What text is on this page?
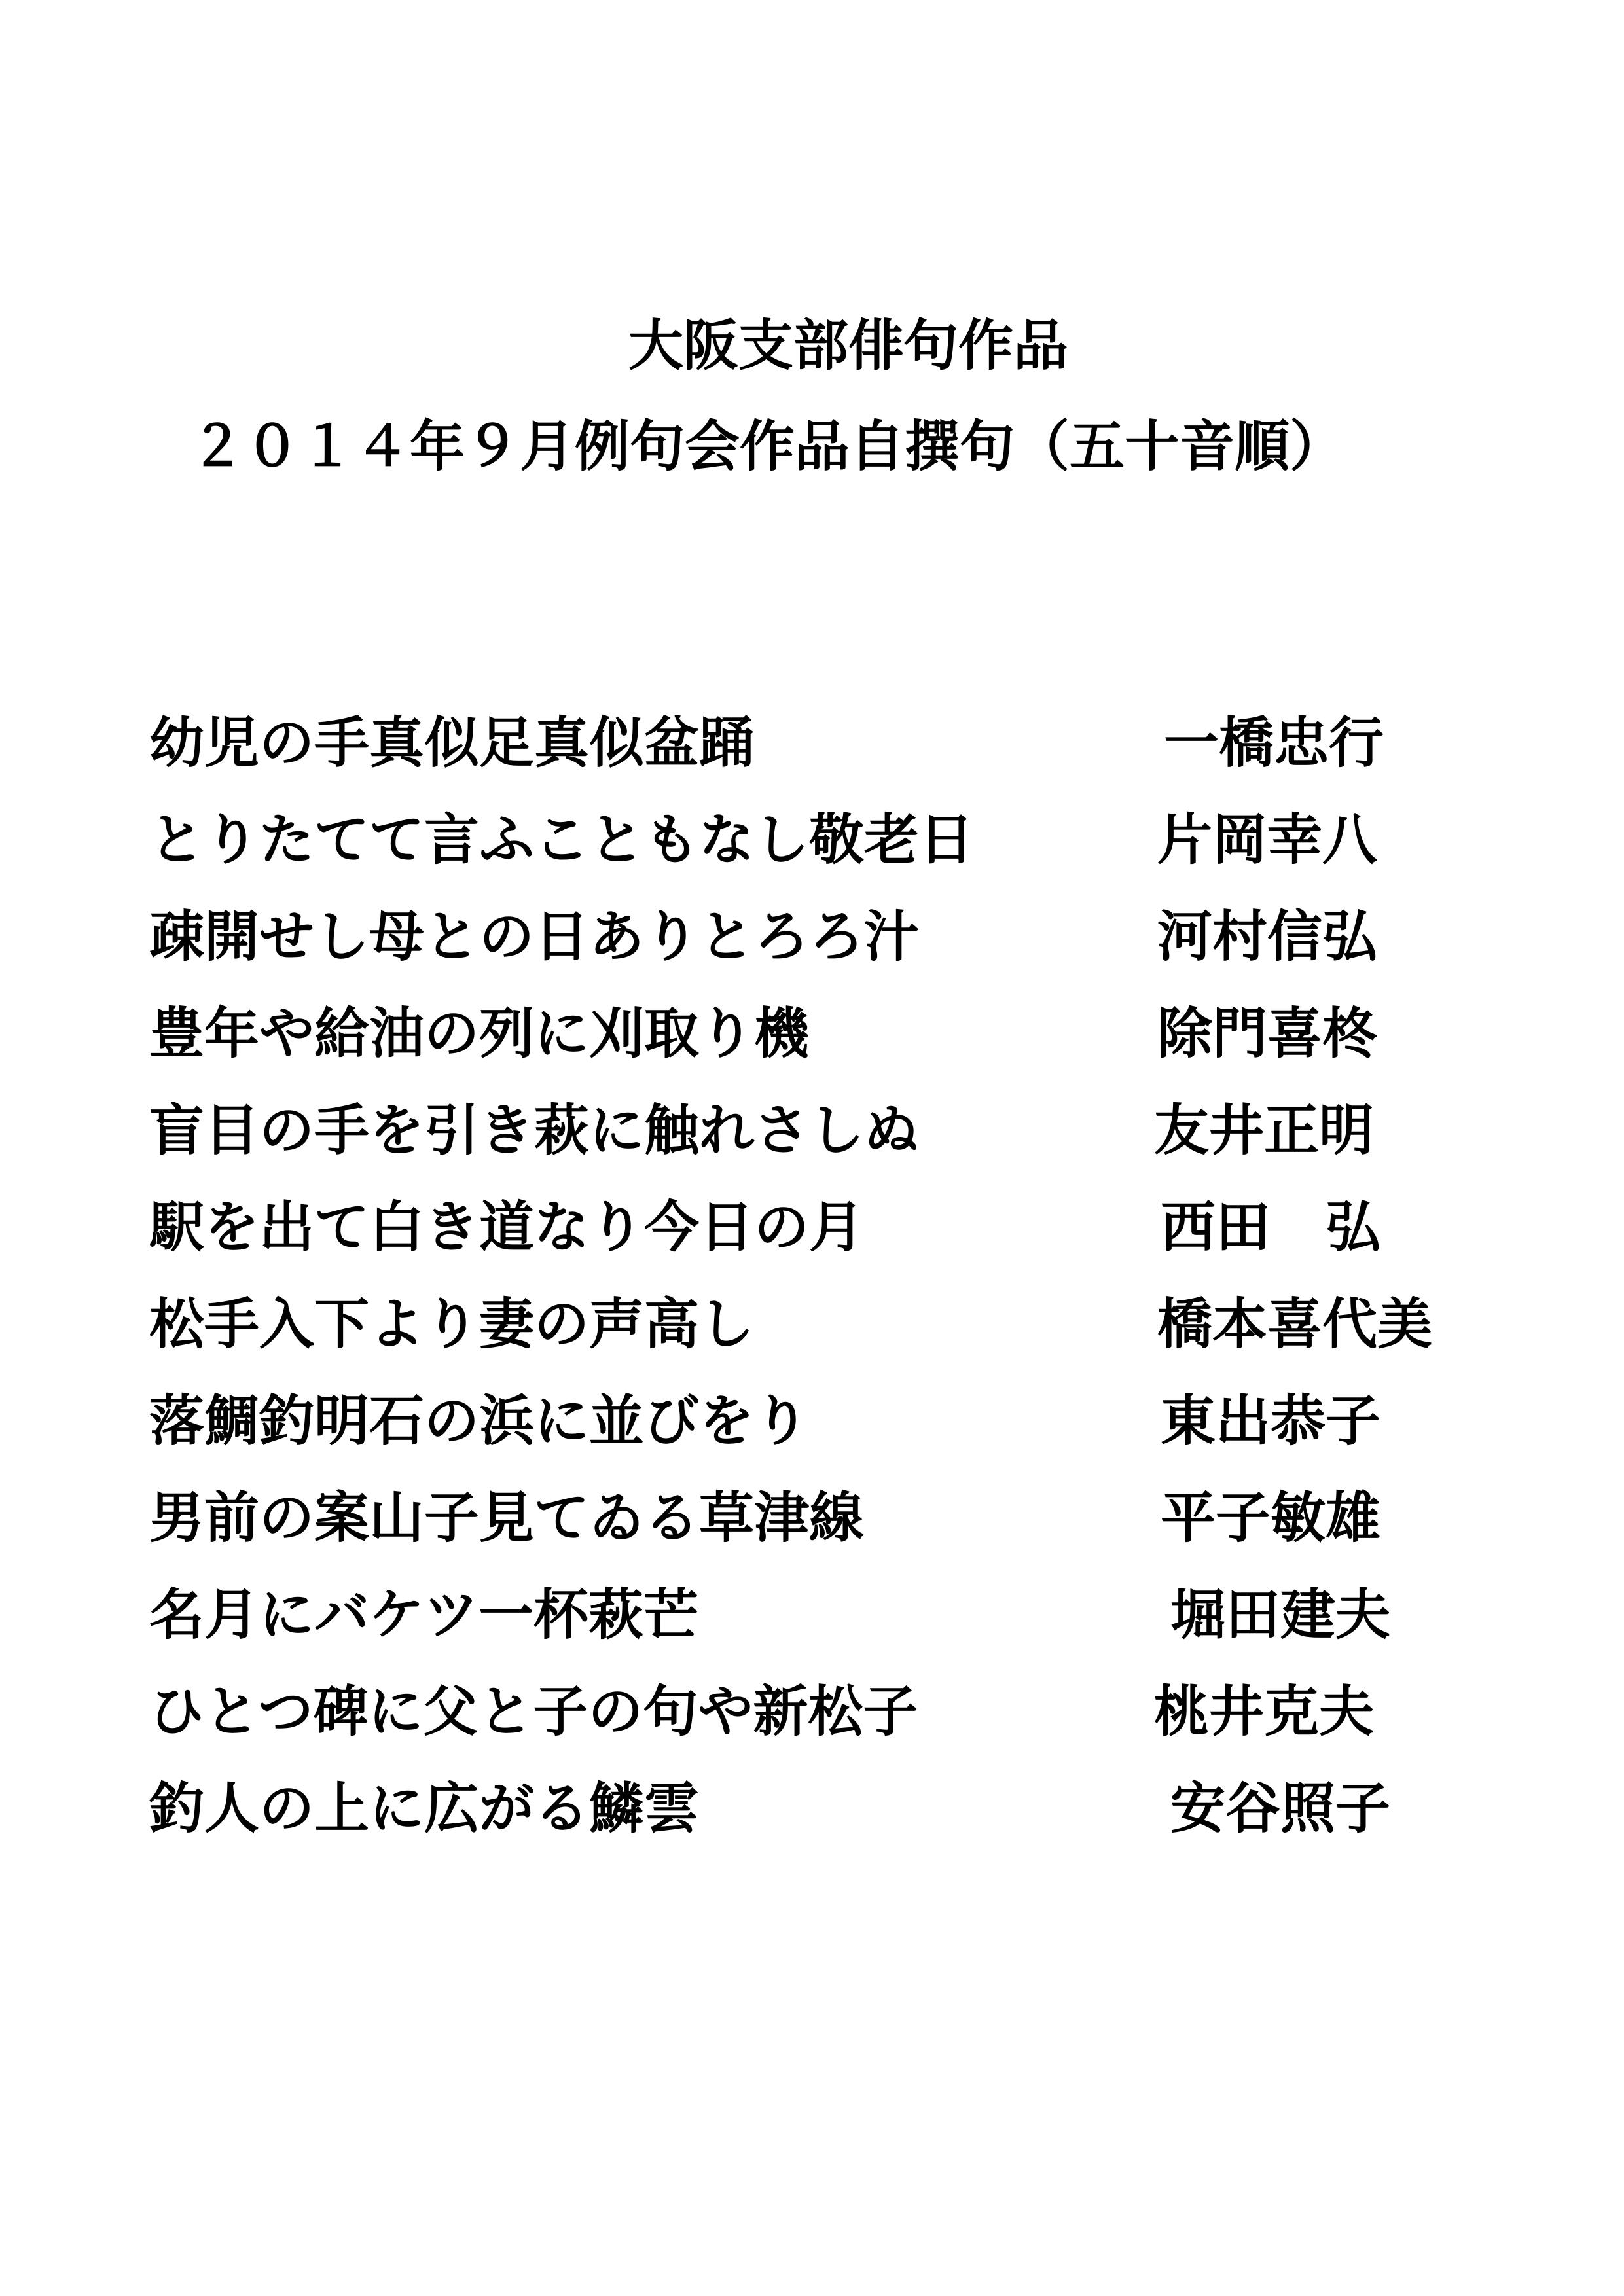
大阪支部俳句作品
２０１４年９月例句会作品自撰句（五十音順）
幼児の手真似足真似盆踊	一橋忠行
とりたてて言ふこともなし敬老日	片岡幸八
疎開せし母との日ありとろろ汁	河村信弘
豊年や給油の列に刈取り機	除門喜柊
盲目の手を引き萩に触れさしぬ	友井正明
駅を出て白き道なり今日の月	西田　弘
松手入下より妻の声高し	橋本喜代美
落鯛釣明石の浜に並びをり	東出恭子
男前の案山子見てゐる草津線	平子敏雄
名月にバケツ一杯萩芒	堀田建夫
ひとつ碑に父と子の句や新松子	桃井克夫
釣人の上に広がる鱗雲	安谷照子
